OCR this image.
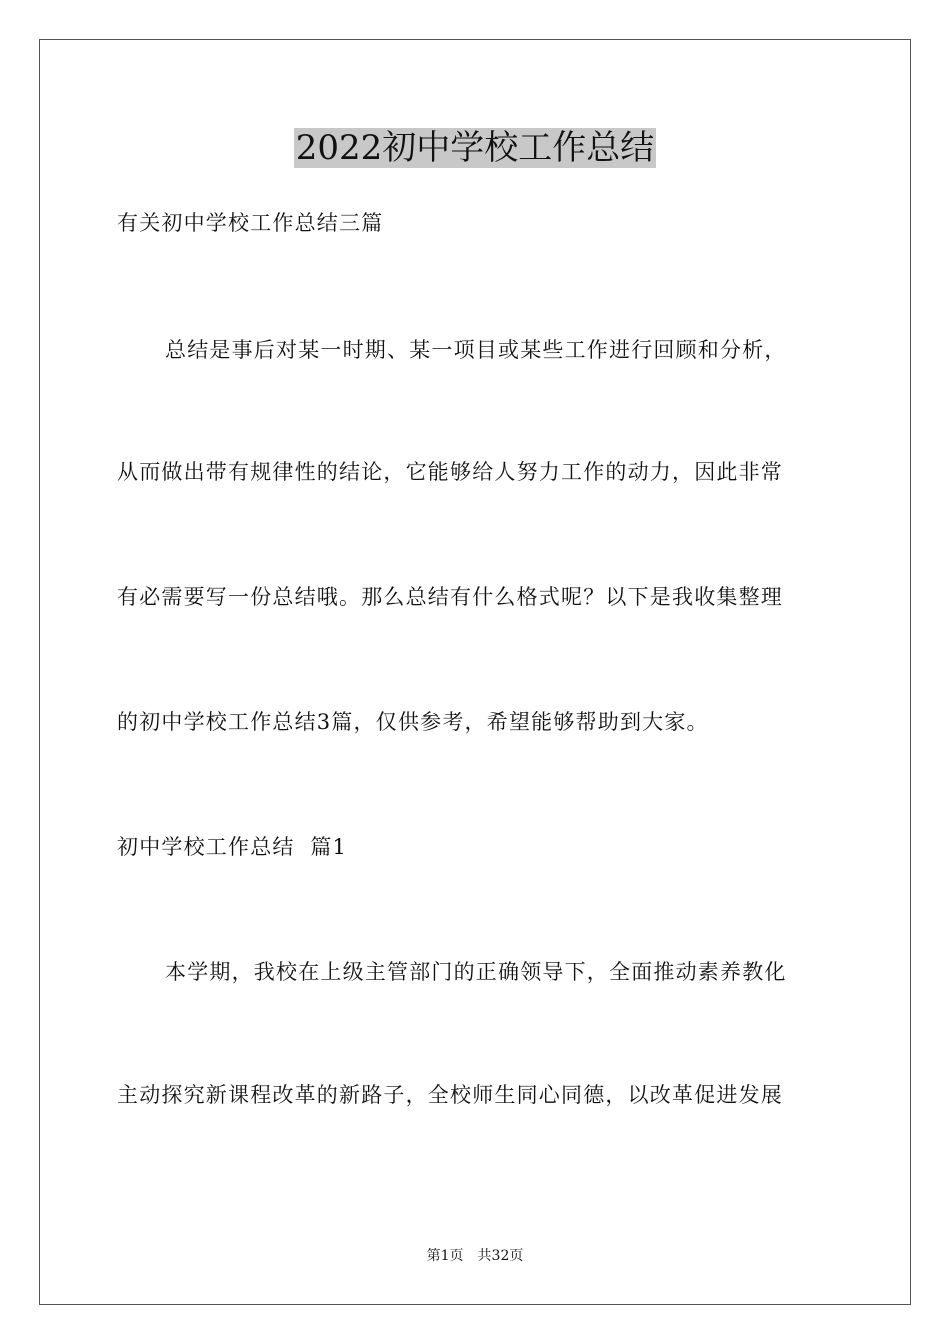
2022初中学校工作总结
有关初中学校工作总结三篇
总结是事后对某一时期、某一项目或某些工作进行回顾和分析，
从而做出带有规律性的结论，它能够给人努力工作的动力，因此非常
有必需要写一份总结哦。那么总结有什么格式呢？以下是我收集整理
的初中学校工作总结3篇，仅供参考，希望能够帮助到大家。
初中学校工作总结  篇1
本学期，我校在上级主管部门的正确领导下，全面推动素养教化
主动探究新课程改革的新路子，全校师生同心同德，以改革促进发展
第1页 共32页
